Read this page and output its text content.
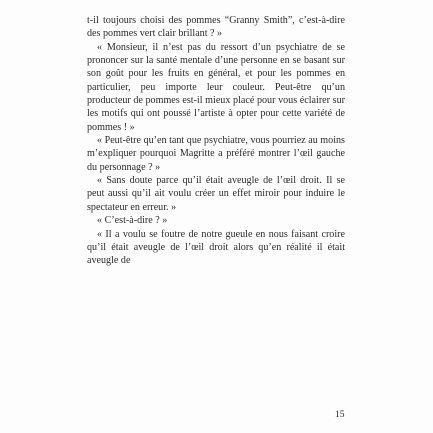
t-il toujours choisi des pommes “Granny Smith”, c’est-à-dire des pommes vert clair brillant ? »

« Monsieur, il n’est pas du ressort d’un psychiatre de se prononcer sur la santé mentale d’une personne en se basant sur son goût pour les fruits en général, et pour les pommes en particulier, peu importe leur couleur. Peut-être qu’un producteur de pommes est-il mieux placé pour vous éclairer sur les motifs qui ont poussé l’artiste à opter pour cette variété de pommes ! »

« Peut-être qu’en tant que psychiatre, vous pourriez au moins m’expliquer pourquoi Magritte a préféré montrer l’œil gauche du personnage ? »

« Sans doute parce qu’il était aveugle de l’œil droit. Il se peut aussi qu’il ait voulu créer un effet miroir pour induire le spectateur en erreur. »

« C’est-à-dire ? »

« Il a voulu se foutre de notre gueule en nous faisant croire qu’il était aveugle de l’œil droit alors qu’en réalité il était aveugle de

15
